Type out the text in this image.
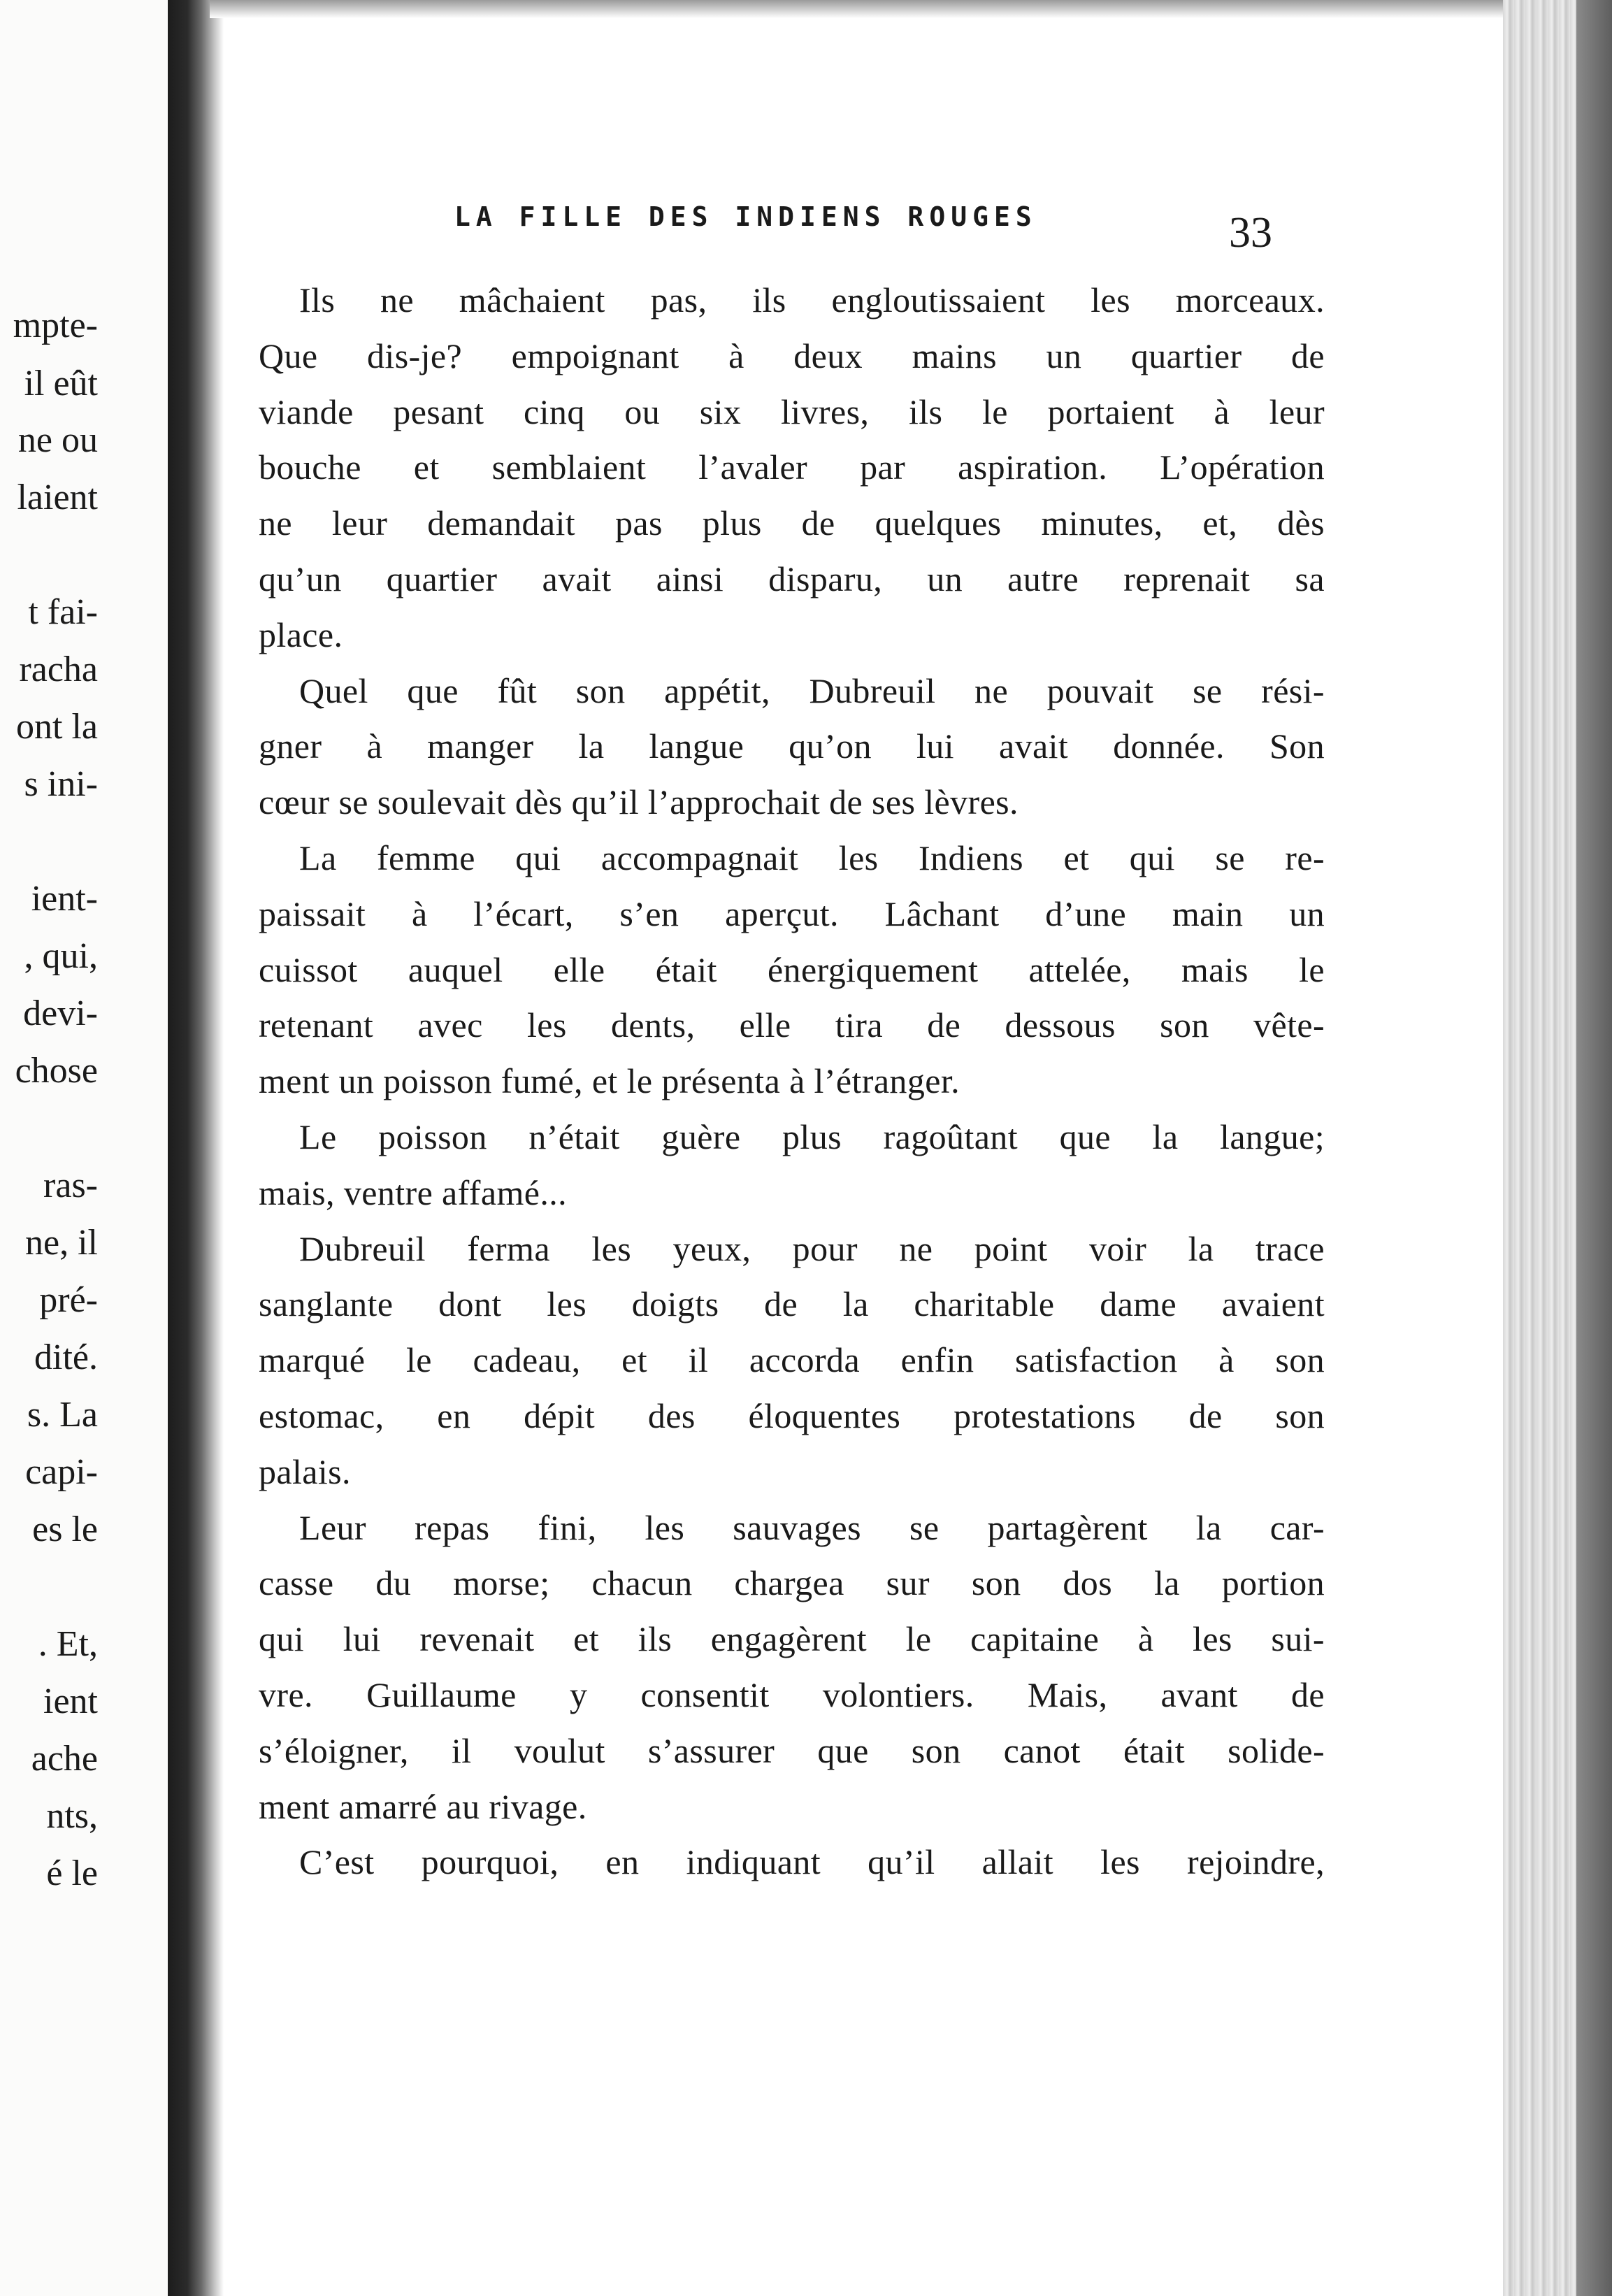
mpte-
il eût
ne ou
laient
t fai-
racha
ont la
s ini-
ient-
, qui,
devi-
chose
ras-
ne, il
pré-
dité.
s. La
capi-
es le
. Et,
ient
ache
nts,
é le
LA FILLE DES INDIENS ROUGES	33
Ils ne mâchaient pas, ils engloutissaient les morceaux.
Que dis-je? empoignant à deux mains un quartier de
viande pesant cinq ou six livres, ils le portaient à leur
bouche et semblaient l’avaler par aspiration. L’opération
ne leur demandait pas plus de quelques minutes, et, dès
qu’un quartier avait ainsi disparu, un autre reprenait sa
place.
Quel que fût son appétit, Dubreuil ne pouvait se rési-
gner à manger la langue qu’on lui avait donnée. Son
cœur se soulevait dès qu’il l’approchait de ses lèvres.
La femme qui accompagnait les Indiens et qui se re-
paissait à l’écart, s’en aperçut. Lâchant d’une main un
cuissot auquel elle était énergiquement attelée, mais le
retenant avec les dents, elle tira de dessous son vête-
ment un poisson fumé, et le présenta à l’étranger.
Le poisson n’était guère plus ragoûtant que la langue;
mais, ventre affamé...
Dubreuil ferma les yeux, pour ne point voir la trace
sanglante dont les doigts de la charitable dame avaient
marqué le cadeau, et il accorda enfin satisfaction à son
estomac, en dépit des éloquentes protestations de son
palais.
Leur repas fini, les sauvages se partagèrent la car-
casse du morse; chacun chargea sur son dos la portion
qui lui revenait et ils engagèrent le capitaine à les sui-
vre. Guillaume y consentit volontiers. Mais, avant de
s’éloigner, il voulut s’assurer que son canot était solide-
ment amarré au rivage.
C’est pourquoi, en indiquant qu’il allait les rejoindre,
